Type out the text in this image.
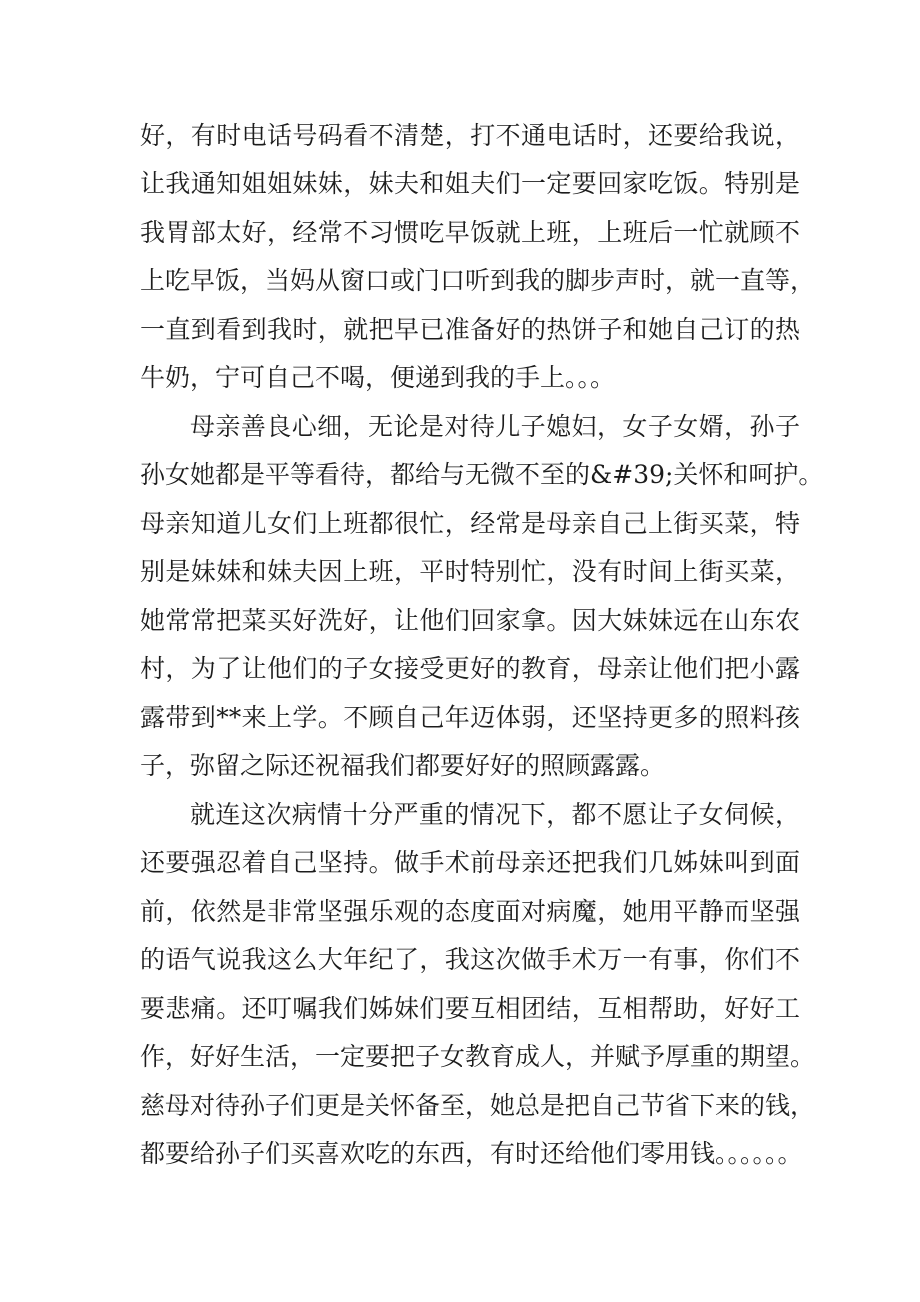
好，有时电话号码看不清楚，打不通电话时，还要给我说，
让我通知姐姐妹妹，妹夫和姐夫们一定要回家吃饭。特别是
我胃部太好，经常不习惯吃早饭就上班，上班后一忙就顾不
上吃早饭，当妈从窗口或门口听到我的脚步声时，就一直等，
一直到看到我时，就把早已准备好的热饼子和她自己订的热
牛奶，宁可自己不喝，便递到我的手上。。。
母亲善良心细，无论是对待儿子媳妇，女子女婿，孙子
孙女她都是平等看待，都给与无微不至的&#39;关怀和呵护。
母亲知道儿女们上班都很忙，经常是母亲自己上街买菜，特
别是妹妹和妹夫因上班，平时特别忙，没有时间上街买菜，
她常常把菜买好洗好，让他们回家拿。因大妹妹远在山东农
村，为了让他们的子女接受更好的教育，母亲让他们把小露
露带到**来上学。不顾自己年迈体弱，还坚持更多的照料孩
子，弥留之际还祝福我们都要好好的照顾露露。
就连这次病情十分严重的情况下，都不愿让子女伺候，
还要强忍着自己坚持。做手术前母亲还把我们几姊妹叫到面
前，依然是非常坚强乐观的态度面对病魔，她用平静而坚强
的语气说我这么大年纪了，我这次做手术万一有事，你们不
要悲痛。还叮嘱我们姊妹们要互相团结，互相帮助，好好工
作，好好生活，一定要把子女教育成人，并赋予厚重的期望。
慈母对待孙子们更是关怀备至，她总是把自己节省下来的钱，
都要给孙子们买喜欢吃的东西，有时还给他们零用钱。。。。。。
